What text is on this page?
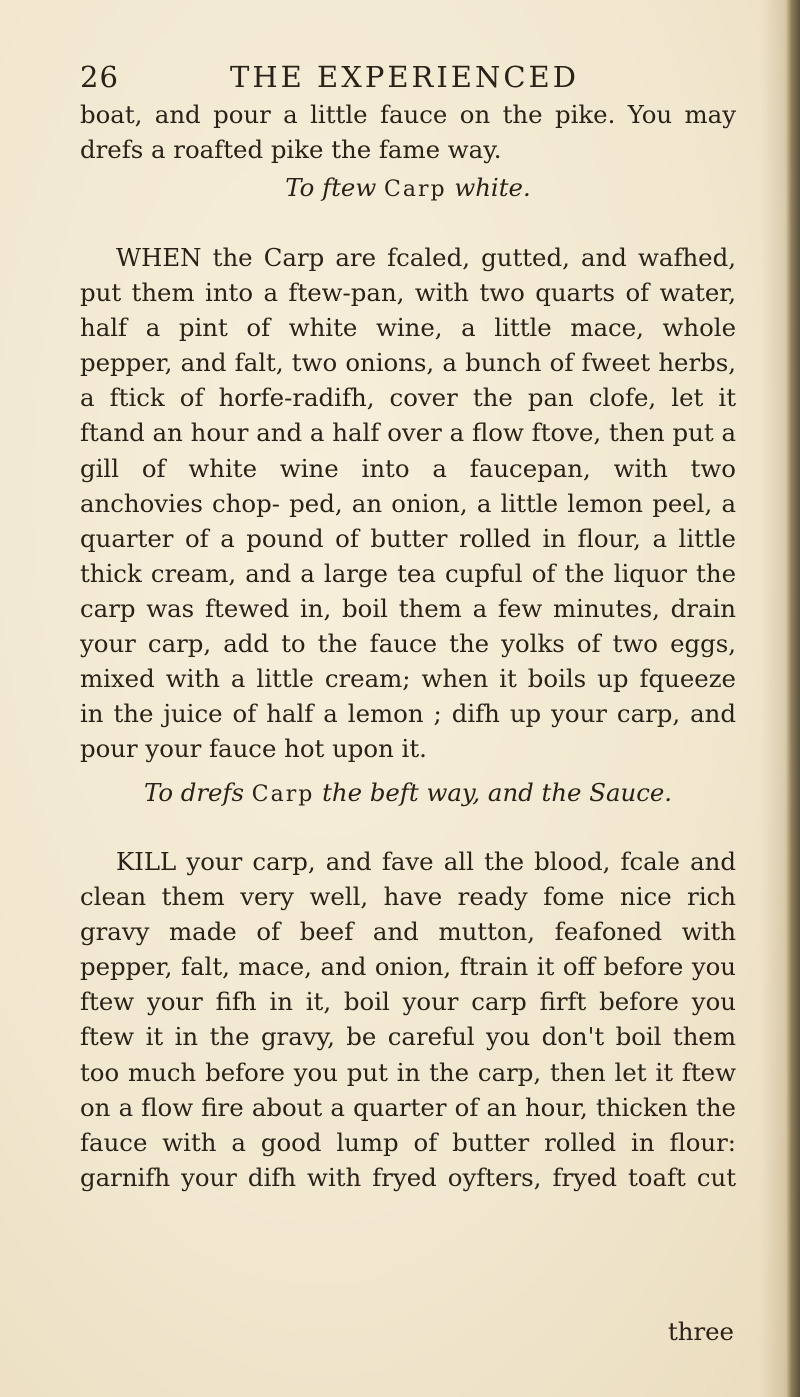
26	THE EXPERIENCED
boat, and pour a little fauce on the pike. You may drefs a roafted pike the fame way.
To ftew Carp white.
WHEN the Carp are fcaled, gutted, and wafhed, put them into a ftew-pan, with two quarts of water, half a pint of white wine, a little mace, whole pepper, and falt, two onions, a bunch of fweet herbs, a ftick of horfe-radifh, cover the pan clofe, let it ftand an hour and a half over a flow ftove, then put a gill of white wine into a faucepan, with two anchovies chop- ped, an onion, a little lemon peel, a quarter of a pound of butter rolled in flour, a little thick cream, and a large tea cupful of the liquor the carp was ftewed in, boil them a few minutes, drain your carp, add to the fauce the yolks of two eggs, mixed with a little cream; when it boils up fqueeze in the juice of half a lemon ; difh up your carp, and pour your fauce hot upon it.
To drefs Carp the beft way, and the Sauce.
KILL your carp, and fave all the blood, fcale and clean them very well, have ready fome nice rich gravy made of beef and mutton, feafoned with pepper, falt, mace, and onion, ftrain it off before you ftew your fifh in it, boil your carp firft before you ftew it in the gravy, be careful you don't boil them too much before you put in the carp, then let it ftew on a flow fire about a quarter of an hour, thicken the fauce with a good lump of butter rolled in flour: garnifh your difh with fryed oyfters, fryed toaft cut
three
